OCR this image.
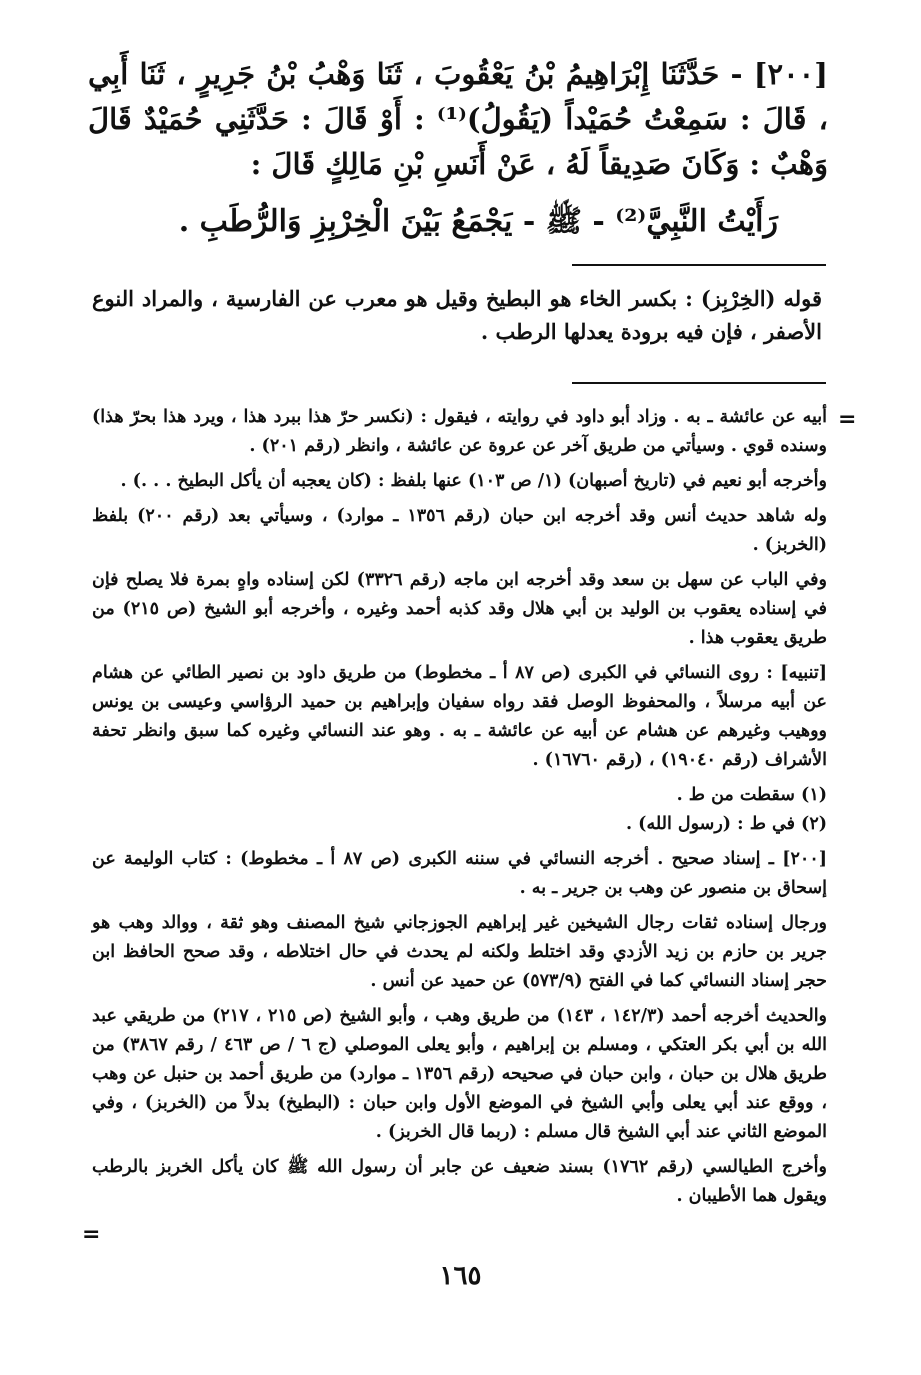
[٢٠٠] - حَدَّثَنَا إِبْرَاهِيمُ بْنُ يَعْقُوبَ ، ثَنَا وَهْبُ بْنُ جَرِيرٍ ، ثَنَا أَبِي ، قَالَ : سَمِعْتُ حُمَيْداً (يَقُولُ)⁽¹⁾ : أَوْ قَالَ : حَدَّثَنِي حُمَيْدٌ قَالَ وَهْبٌ : وَكَانَ صَدِيقاً لَهُ ، عَنْ أَنَسِ بْنِ مَالِكٍ قَالَ :

رَأَيْتُ النَّبِيَّ⁽²⁾ - ﷺ - يَجْمَعُ بَيْنَ الْخِرْبِزِ وَالرُّطَبِ .

قوله (الخِرْبِز) : بكسر الخاء هو البطيخ وقيل هو معرب عن الفارسية ، والمراد النوع الأصفر ، فإن فيه برودة يعدلها الرطب .

=

أبيه عن عائشة ـ به . وزاد أبو داود في روايته ، فيقول : (نكسر حرّ هذا ببرد هذا ، ويرد هذا بحرّ هذا) وسنده قوي . وسيأتي من طريق آخر عن عروة عن عائشة ، وانظر (رقم ٢٠١) .

وأخرجه أبو نعيم في (تاريخ أصبهان) (١/ ص ١٠٣) عنها بلفظ : (كان يعجبه أن يأكل البطيخ . . .) .

وله شاهد حديث أنس وقد أخرجه ابن حبان (رقم ١٣٥٦ ـ موارد) ، وسيأتي بعد (رقم ٢٠٠) بلفظ (الخربز) .

وفي الباب عن سهل بن سعد وقد أخرجه ابن ماجه (رقم ٣٣٢٦) لكن إسناده واهٍ بمرة فلا يصلح فإن في إسناده يعقوب بن الوليد بن أبي هلال وقد كذبه أحمد وغيره ، وأخرجه أبو الشيخ (ص ٢١٥) من طريق يعقوب هذا .

[تنبيه] : روى النسائي في الكبرى (ص ٨٧ أ ـ مخطوط) من طريق داود بن نصير الطائي عن هشام عن أبيه مرسلاً ، والمحفوظ الوصل فقد رواه سفيان وإبراهيم بن حميد الرؤاسي وعيسى بن يونس ووهيب وغيرهم عن هشام عن أبيه عن عائشة ـ به . وهو عند النسائي وغيره كما سبق وانظر تحفة الأشراف (رقم ١٩٠٤٠) ، (رقم ١٦٧٦٠) .

(١) سقطت من ط .

(٢) في ط : (رسول الله) .

[٢٠٠] ـ إسناد صحيح . أخرجه النسائي في سننه الكبرى (ص ٨٧ أ ـ مخطوط) : كتاب الوليمة عن إسحاق بن منصور عن وهب بن جرير ـ به .

ورجال إسناده ثقات رجال الشيخين غير إبراهيم الجوزجاني شيخ المصنف وهو ثقة ، ووالد وهب هو جرير بن حازم بن زيد الأزدي وقد اختلط ولكنه لم يحدث في حال اختلاطه ، وقد صحح الحافظ ابن حجر إسناد النسائي كما في الفتح (٥٧٣/٩) عن حميد عن أنس .

والحديث أخرجه أحمد (١٤٢/٣ ، ١٤٣) من طريق وهب ، وأبو الشيخ (ص ٢١٥ ، ٢١٧) من طريقي عبد الله بن أبي بكر العتكي ، ومسلم بن إبراهيم ، وأبو يعلى الموصلي (ج ٦ / ص ٤٦٣ / رقم ٣٨٦٧) من طريق هلال بن حبان ، وابن حبان في صحيحه (رقم ١٣٥٦ ـ موارد) من طريق أحمد بن حنبل عن وهب ، ووقع عند أبي يعلى وأبي الشيخ في الموضع الأول وابن حبان : (البطيخ) بدلاً من (الخربز) ، وفي الموضع الثاني عند أبي الشيخ قال مسلم : (ربما قال الخربز) .

وأخرج الطيالسي (رقم ١٧٦٢) بسند ضعيف عن جابر أن رسول الله ﷺ كان يأكل الخربز بالرطب ويقول هما الأطيبان .

=
١٦٥
